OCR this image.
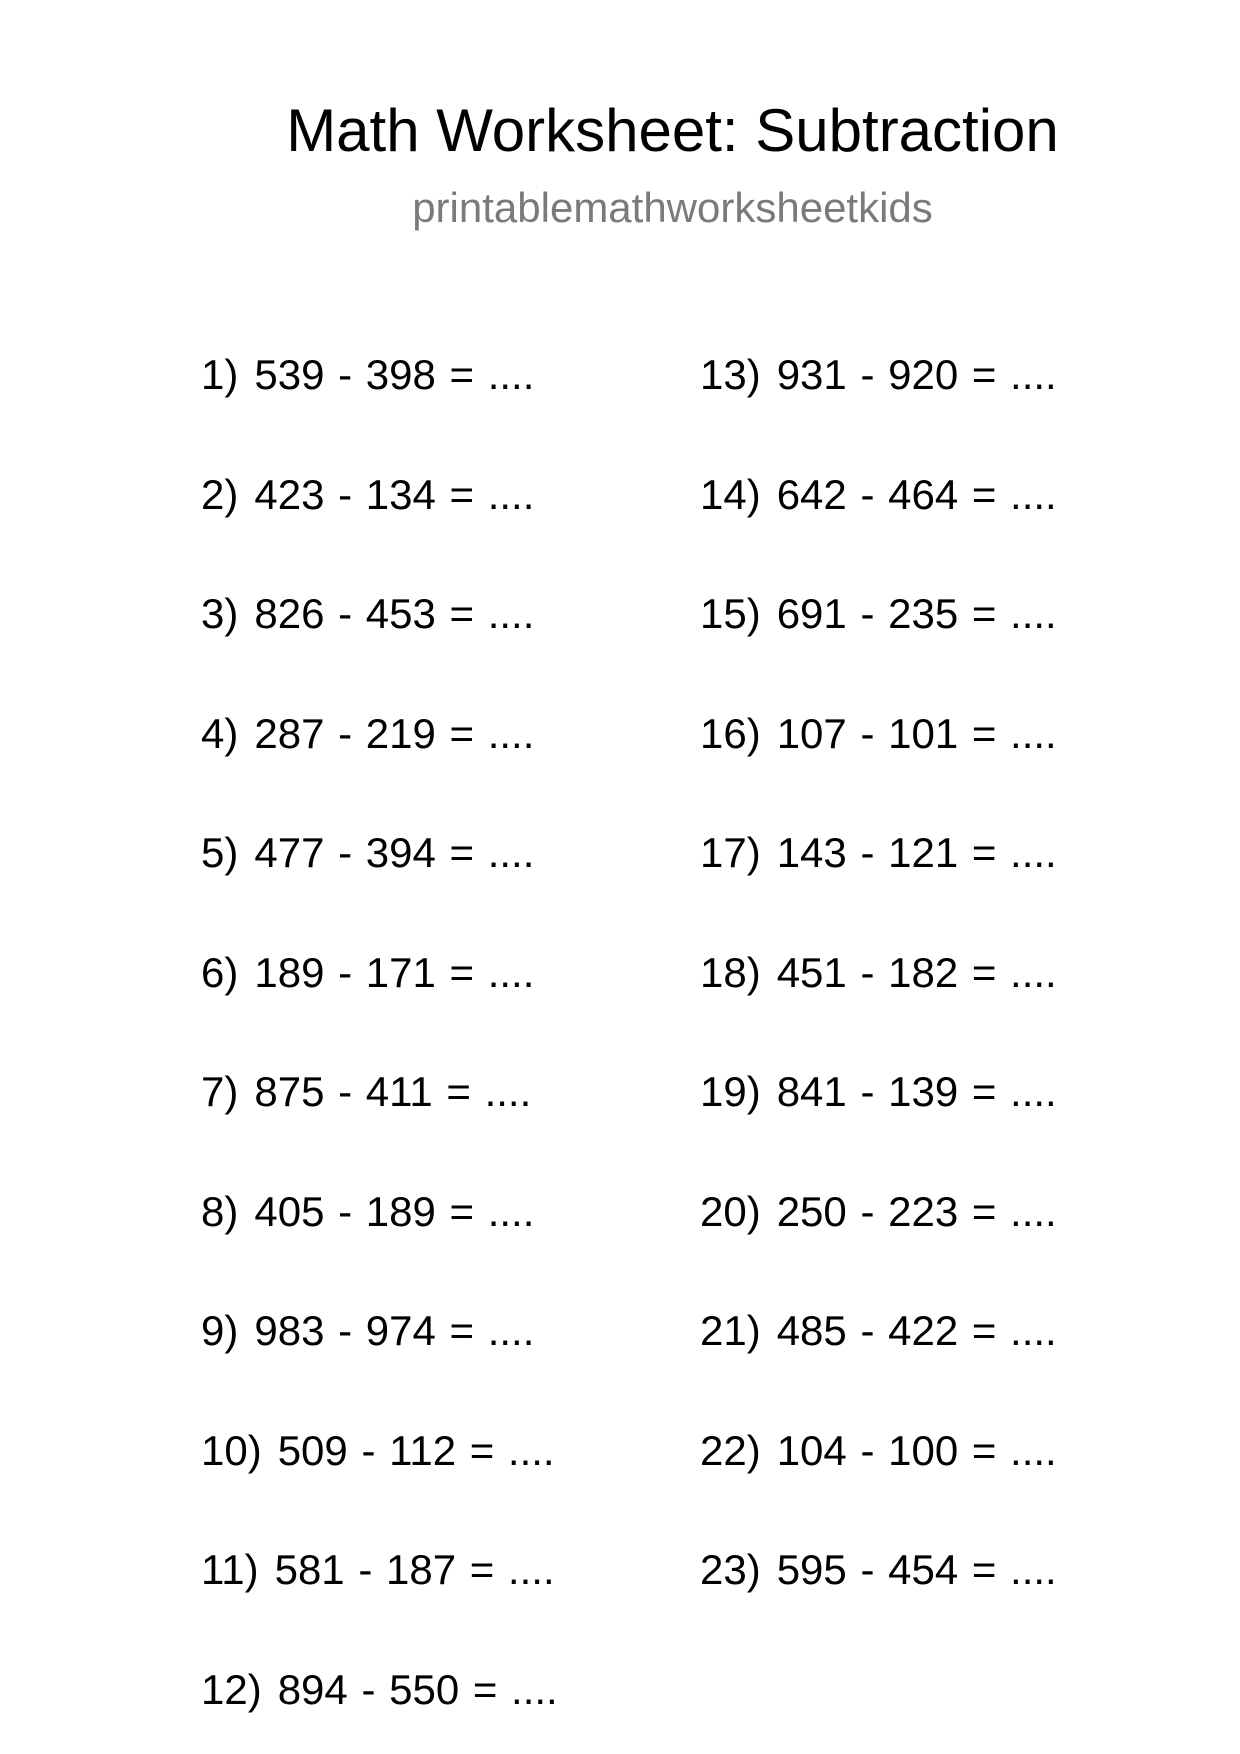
Math Worksheet: Subtraction
printablemathworksheetkids
1) 539 - 398 = ....
2) 423 - 134 = ....
3) 826 - 453 = ....
4) 287 - 219 = ....
5) 477 - 394 = ....
6) 189 - 171 = ....
7) 875 - 411 = ....
8) 405 - 189 = ....
9) 983 - 974 = ....
10) 509 - 112 = ....
11) 581 - 187 = ....
12) 894 - 550 = ....
13) 931 - 920 = ....
14) 642 - 464 = ....
15) 691 - 235 = ....
16) 107 - 101 = ....
17) 143 - 121 = ....
18) 451 - 182 = ....
19) 841 - 139 = ....
20) 250 - 223 = ....
21) 485 - 422 = ....
22) 104 - 100 = ....
23) 595 - 454 = ....
